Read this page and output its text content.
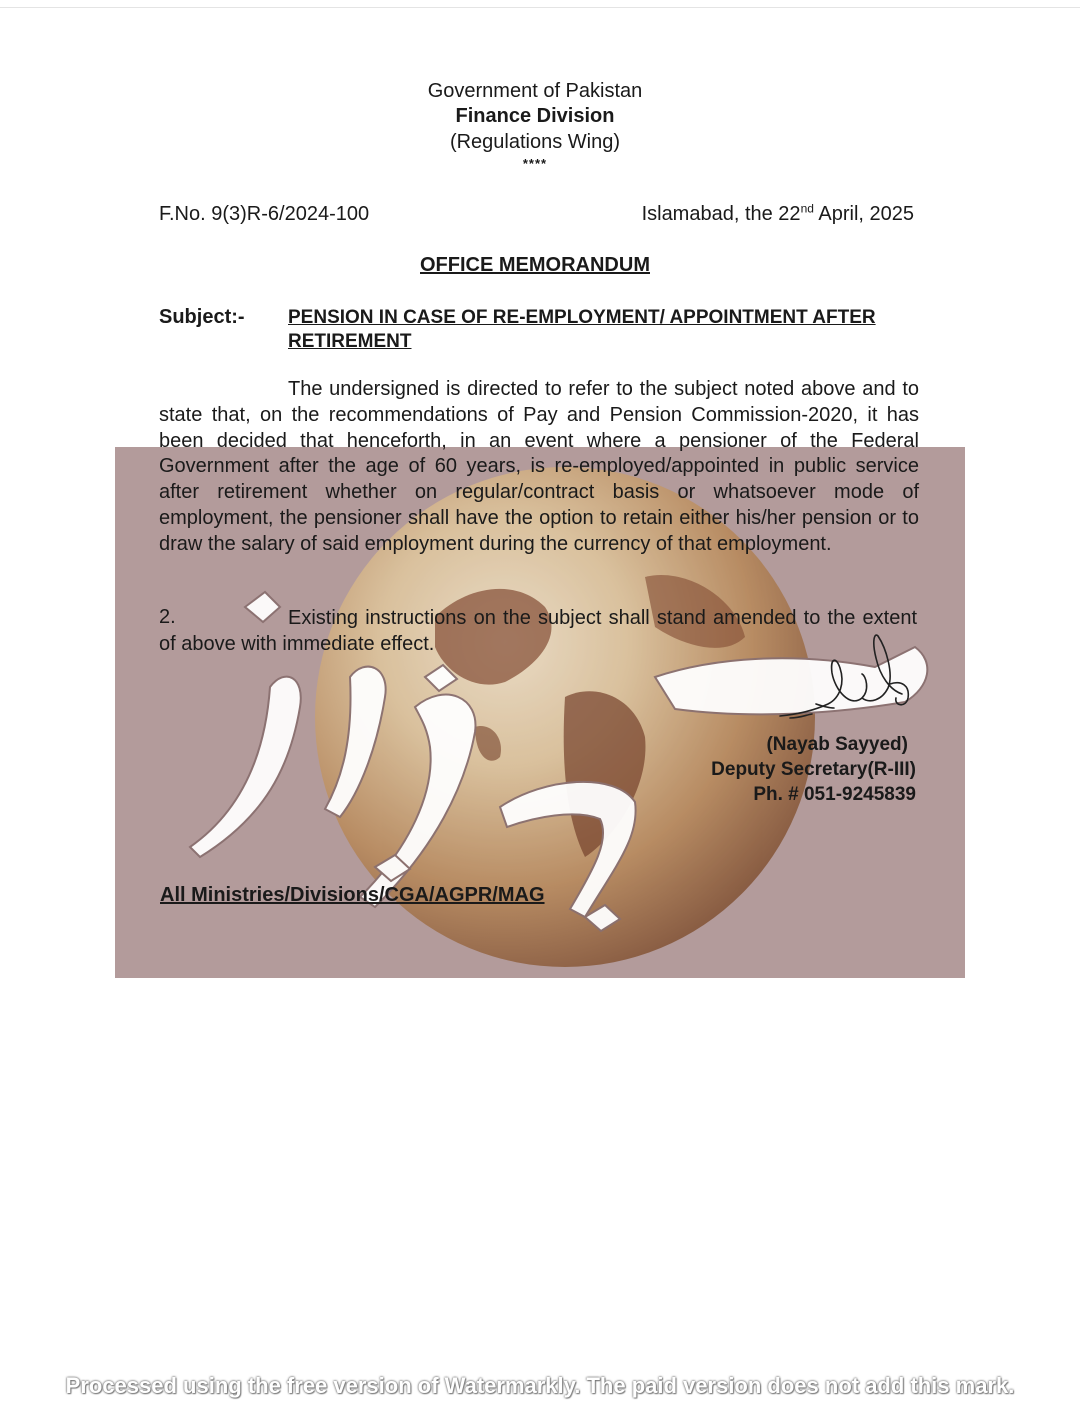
Government of Pakistan
Finance Division
(Regulations Wing)
****
F.No. 9(3)R-6/2024-100	Islamabad, the 22nd April, 2025
OFFICE MEMORANDUM
Subject:- PENSION IN CASE OF RE-EMPLOYMENT/ APPOINTMENT AFTER RETIREMENT
The undersigned is directed to refer to the subject noted above and to state that, on the recommendations of Pay and Pension Commission-2020, it has been decided that henceforth, in an event where a pensioner of the Federal Government after the age of 60 years, is re-employed/appointed in public service after retirement whether on regular/contract basis or whatsoever mode of employment, the pensioner shall have the option to retain either his/her pension or to draw the salary of said employment during the currency of that employment.
2.	Existing instructions on the subject shall stand amended to the extent of above with immediate effect.
(Nayab Sayyed)
Deputy Secretary(R-III)
Ph. # 051-9245839
All Ministries/Divisions/CGA/AGPR/MAG
Processed using the free version of Watermarkly. The paid version does not add this mark.
